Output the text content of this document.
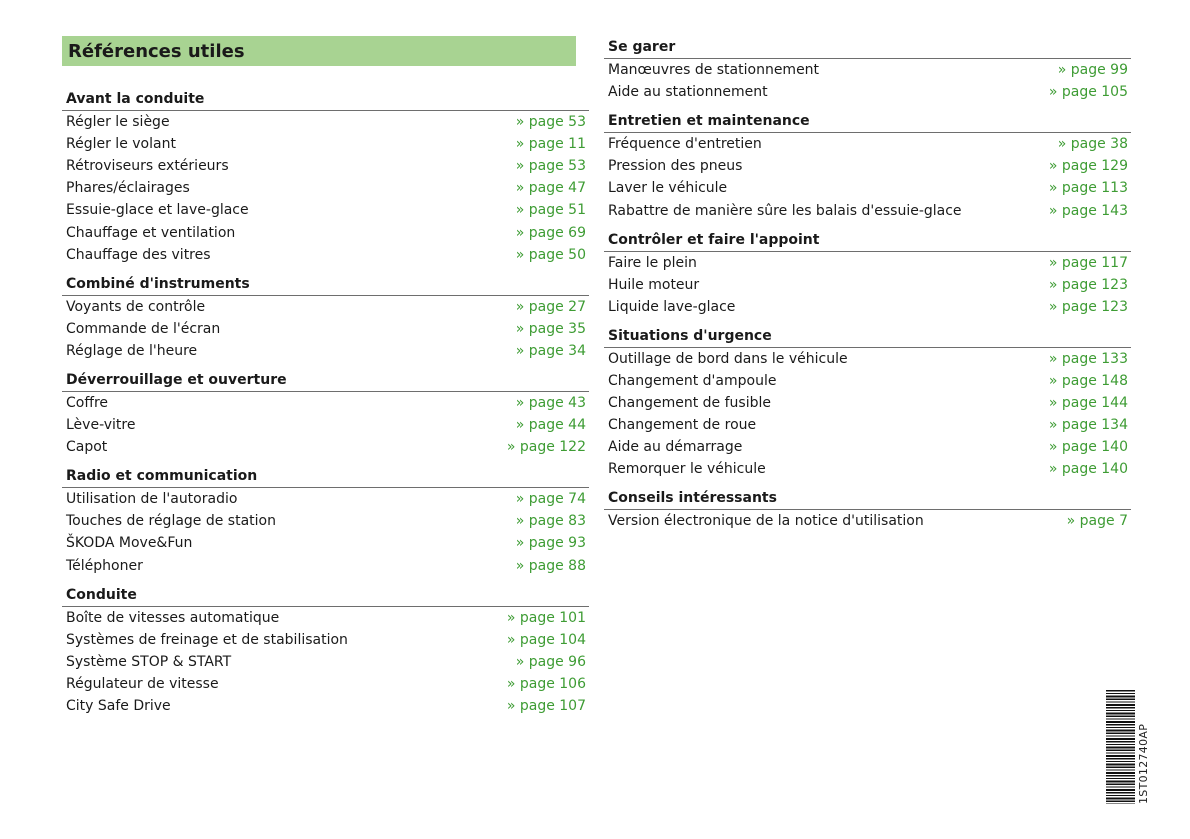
Références utiles
Avant la conduite
Régler le siège	» page 53
Régler le volant	» page 11
Rétroviseurs extérieurs	» page 53
Phares/éclairages	» page 47
Essuie-glace et lave-glace	» page 51
Chauffage et ventilation	» page 69
Chauffage des vitres	» page 50
Combiné d'instruments
Voyants de contrôle	» page 27
Commande de l'écran	» page 35
Réglage de l'heure	» page 34
Déverrouillage et ouverture
Coffre	» page 43
Lève-vitre	» page 44
Capot	» page 122
Radio et communication
Utilisation de l'autoradio	» page 74
Touches de réglage de station	» page 83
ŠKODA Move&Fun	» page 93
Téléphoner	» page 88
Conduite
Boîte de vitesses automatique	» page 101
Systèmes de freinage et de stabilisation	» page 104
Système STOP & START	» page 96
Régulateur de vitesse	» page 106
City Safe Drive	» page 107
Se garer
Manœuvres de stationnement	» page 99
Aide au stationnement	» page 105
Entretien et maintenance
Fréquence d'entretien	» page 38
Pression des pneus	» page 129
Laver le véhicule	» page 113
Rabattre de manière sûre les balais d'essuie-glace	» page 143
Contrôler et faire l'appoint
Faire le plein	» page 117
Huile moteur	» page 123
Liquide lave-glace	» page 123
Situations d'urgence
Outillage de bord dans le véhicule	» page 133
Changement d'ampoule	» page 148
Changement de fusible	» page 144
Changement de roue	» page 134
Aide au démarrage	» page 140
Remorquer le véhicule	» page 140
Conseils intéressants
Version électronique de la notice d'utilisation	» page 7
1ST012740AP
